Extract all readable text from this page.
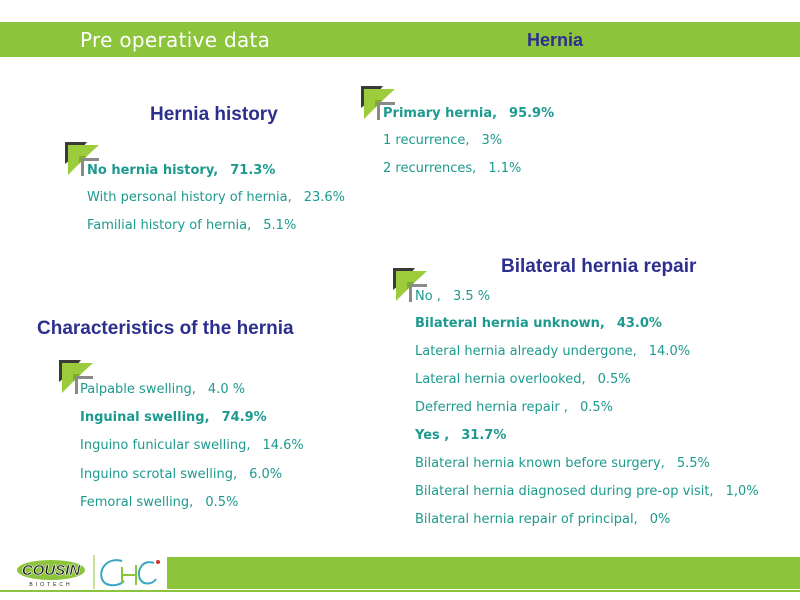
Pre operative data	Hernia
Hernia history
No hernia history, 71.3%
With personal history of hernia, 23.6%
Familial history of hernia, 5.1%
Primary hernia, 95.9%
1 recurrence, 3%
2 recurrences, 1.1%
Characteristics of the hernia
Palpable swelling, 4.0 %
Inguinal swelling, 74.9%
Inguino funicular swelling, 14.6%
Inguino scrotal swelling, 6.0%
Femoral swelling, 0.5%
Bilateral hernia repair
No , 3.5 %
Bilateral hernia unknown, 43.0%
Lateral hernia already undergone, 14.0%
Lateral hernia overlooked, 0.5%
Deferred hernia repair , 0.5%
Yes , 31.7%
Bilateral hernia known before surgery, 5.5%
Bilateral hernia diagnosed during pre-op visit, 1,0%
Bilateral hernia repair of principal, 0%
COUSIN
BIOTECH
